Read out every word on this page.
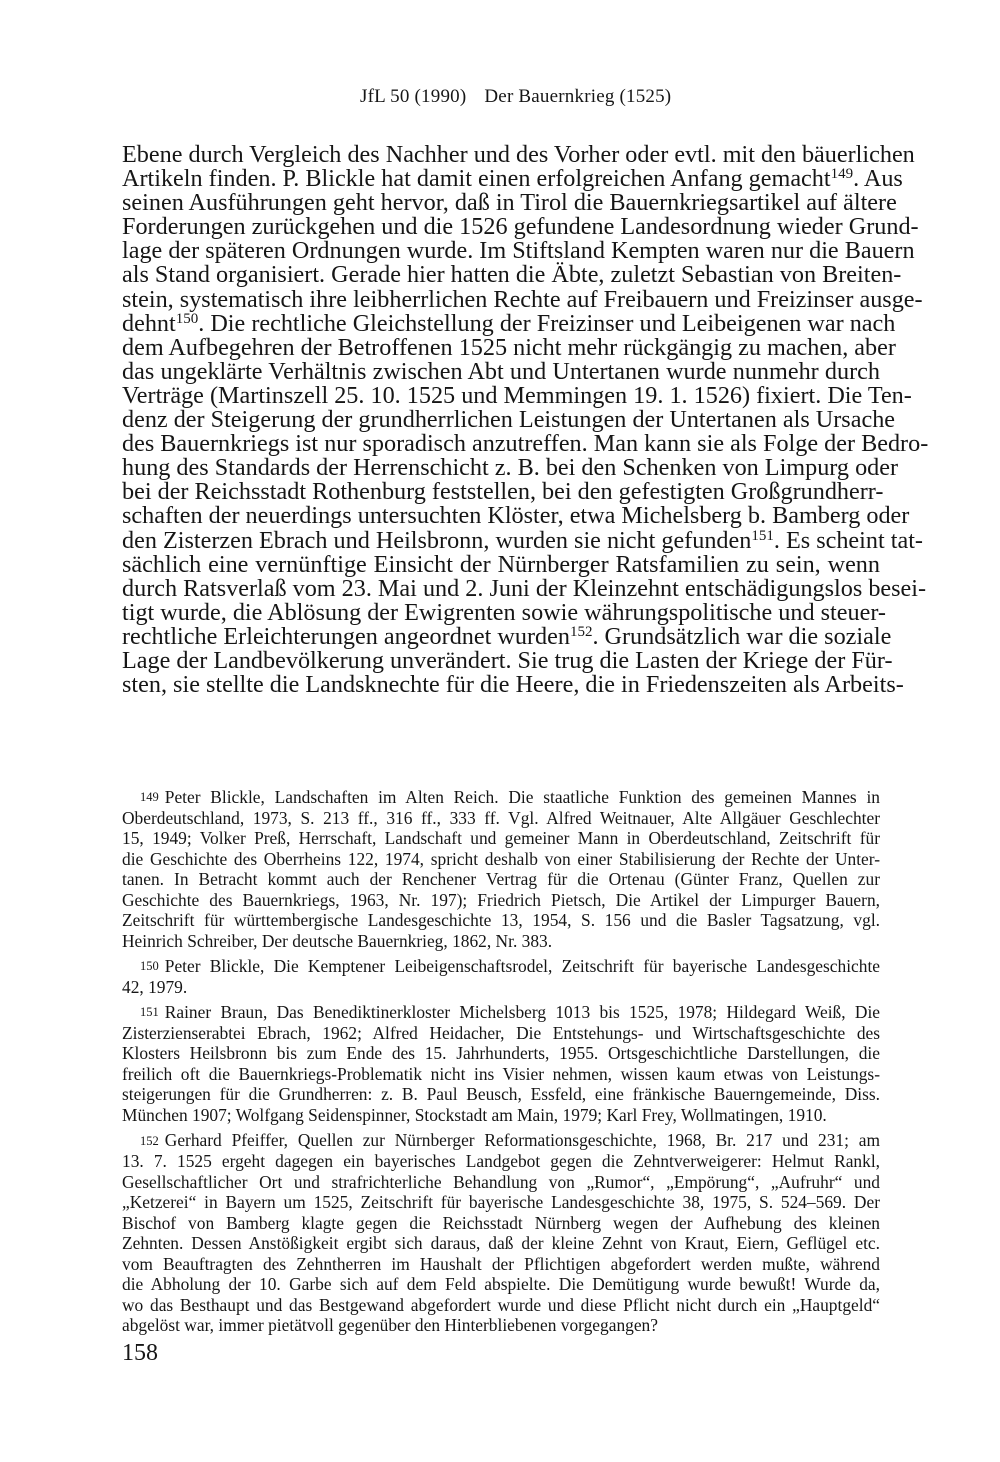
JfL 50 (1990) Der Bauernkrieg (1525)
Ebene durch Vergleich des Nachher und des Vorher oder evtl. mit den bäuerlichen
Artikeln finden. P. Blickle hat damit einen erfolgreichen Anfang gemacht$^{149}$. Aus
seinen Ausführungen geht hervor, daß in Tirol die Bauernkriegsartikel auf ältere
Forderungen zurückgehen und die 1526 gefundene Landesordnung wieder Grund-
lage der späteren Ordnungen wurde. Im Stiftsland Kempten waren nur die Bauern
als Stand organisiert. Gerade hier hatten die Äbte, zuletzt Sebastian von Breiten-
stein, systematisch ihre leibherrlichen Rechte auf Freibauern und Freizinser ausge-
dehnt$^{150}$. Die rechtliche Gleichstellung der Freizinser und Leibeigenen war nach
dem Aufbegehren der Betroffenen 1525 nicht mehr rückgängig zu machen, aber
das ungeklärte Verhältnis zwischen Abt und Untertanen wurde nunmehr durch
Verträge (Martinszell 25. 10. 1525 und Memmingen 19. 1. 1526) fixiert. Die Ten-
denz der Steigerung der grundherrlichen Leistungen der Untertanen als Ursache
des Bauernkriegs ist nur sporadisch anzutreffen. Man kann sie als Folge der Bedro-
hung des Standards der Herrenschicht z. B. bei den Schenken von Limpurg oder
bei der Reichsstadt Rothenburg feststellen, bei den gefestigten Großgrundherr-
schaften der neuerdings untersuchten Klöster, etwa Michelsberg b. Bamberg oder
den Zisterzen Ebrach und Heilsbronn, wurden sie nicht gefunden$^{151}$. Es scheint tat-
sächlich eine vernünftige Einsicht der Nürnberger Ratsfamilien zu sein, wenn
durch Ratsverlaß vom 23. Mai und 2. Juni der Kleinzehnt entschädigungslos besei-
tigt wurde, die Ablösung der Ewigrenten sowie währungspolitische und steuer-
rechtliche Erleichterungen angeordnet wurden$^{152}$. Grundsätzlich war die soziale
Lage der Landbevölkerung unverändert. Sie trug die Lasten der Kriege der Für-
sten, sie stellte die Landsknechte für die Heere, die in Friedenszeiten als Arbeits-
149 Peter Blickle, Landschaften im Alten Reich. Die staatliche Funktion des gemeinen Mannes in
Oberdeutschland, 1973, S. 213 ff., 316 ff., 333 ff. Vgl. Alfred Weitnauer, Alte Allgäuer Geschlechter
15, 1949; Volker Preß, Herrschaft, Landschaft und gemeiner Mann in Oberdeutschland, Zeitschrift für
die Geschichte des Oberrheins 122, 1974, spricht deshalb von einer Stabilisierung der Rechte der Unter-
tanen. In Betracht kommt auch der Renchener Vertrag für die Ortenau (Günter Franz, Quellen zur
Geschichte des Bauernkriegs, 1963, Nr. 197); Friedrich Pietsch, Die Artikel der Limpurger Bauern,
Zeitschrift für württembergische Landesgeschichte 13, 1954, S. 156 und die Basler Tagsatzung, vgl.
Heinrich Schreiber, Der deutsche Bauernkrieg, 1862, Nr. 383.
150 Peter Blickle, Die Kemptener Leibeigenschaftsrodel, Zeitschrift für bayerische Landesgeschichte
42, 1979.
151 Rainer Braun, Das Benediktinerkloster Michelsberg 1013 bis 1525, 1978; Hildegard Weiß, Die
Zisterzienserabtei Ebrach, 1962; Alfred Heidacher, Die Entstehungs- und Wirtschaftsgeschichte des
Klosters Heilsbronn bis zum Ende des 15. Jahrhunderts, 1955. Ortsgeschichtliche Darstellungen, die
freilich oft die Bauernkriegs-Problematik nicht ins Visier nehmen, wissen kaum etwas von Leistungs-
steigerungen für die Grundherren: z. B. Paul Beusch, Essfeld, eine fränkische Bauerngemeinde, Diss.
München 1907; Wolfgang Seidenspinner, Stockstadt am Main, 1979; Karl Frey, Wollmatingen, 1910.
152 Gerhard Pfeiffer, Quellen zur Nürnberger Reformationsgeschichte, 1968, Br. 217 und 231; am
13. 7. 1525 ergeht dagegen ein bayerisches Landgebot gegen die Zehntverweigerer: Helmut Rankl,
Gesellschaftlicher Ort und strafrichterliche Behandlung von „Rumor“, „Empörung“, „Aufruhr“ und
„Ketzerei“ in Bayern um 1525, Zeitschrift für bayerische Landesgeschichte 38, 1975, S. 524–569. Der
Bischof von Bamberg klagte gegen die Reichsstadt Nürnberg wegen der Aufhebung des kleinen
Zehnten. Dessen Anstößigkeit ergibt sich daraus, daß der kleine Zehnt von Kraut, Eiern, Geflügel etc.
vom Beauftragten des Zehntherren im Haushalt der Pflichtigen abgefordert werden mußte, während
die Abholung der 10. Garbe sich auf dem Feld abspielte. Die Demütigung wurde bewußt! Wurde da,
wo das Besthaupt und das Bestgewand abgefordert wurde und diese Pflicht nicht durch ein „Hauptgeld“
abgelöst war, immer pietätvoll gegenüber den Hinterbliebenen vorgegangen?
158
